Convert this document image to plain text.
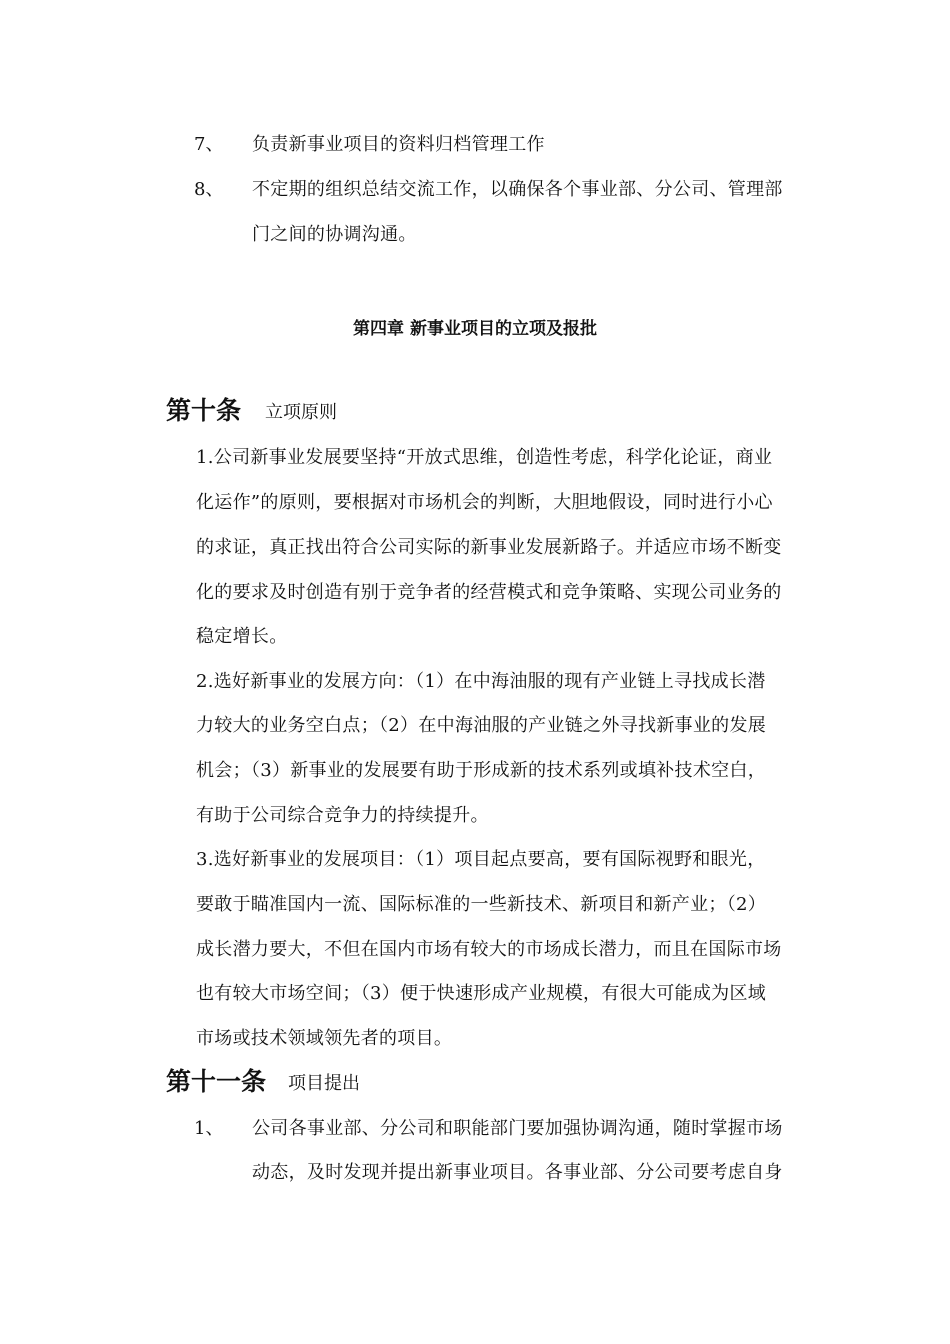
7、 负责新事业项目的资料归档管理工作
8、 不定期的组织总结交流工作，以确保各个事业部、分公司、管理部
门之间的协调沟通。
第四章 新事业项目的立项及报批
第十条 立项原则
1.公司新事业发展要坚持“开放式思维，创造性考虑，科学化论证，商业
化运作”的原则，要根据对市场机会的判断，大胆地假设，同时进行小心
的求证，真正找出符合公司实际的新事业发展新路子。并适应市场不断变
化的要求及时创造有别于竞争者的经营模式和竞争策略、实现公司业务的
稳定增长。
2.选好新事业的发展方向：（1）在中海油服的现有产业链上寻找成长潜
力较大的业务空白点；（2）在中海油服的产业链之外寻找新事业的发展
机会；（3）新事业的发展要有助于形成新的技术系列或填补技术空白，
有助于公司综合竞争力的持续提升。
3.选好新事业的发展项目：（1）项目起点要高，要有国际视野和眼光，
要敢于瞄准国内一流、国际标准的一些新技术、新项目和新产业；（2）
成长潜力要大，不但在国内市场有较大的市场成长潜力，而且在国际市场
也有较大市场空间；（3）便于快速形成产业规模，有很大可能成为区域
市场或技术领域领先者的项目。
第十一条 项目提出
1、 公司各事业部、分公司和职能部门要加强协调沟通，随时掌握市场
动态，及时发现并提出新事业项目。各事业部、分公司要考虑自身
